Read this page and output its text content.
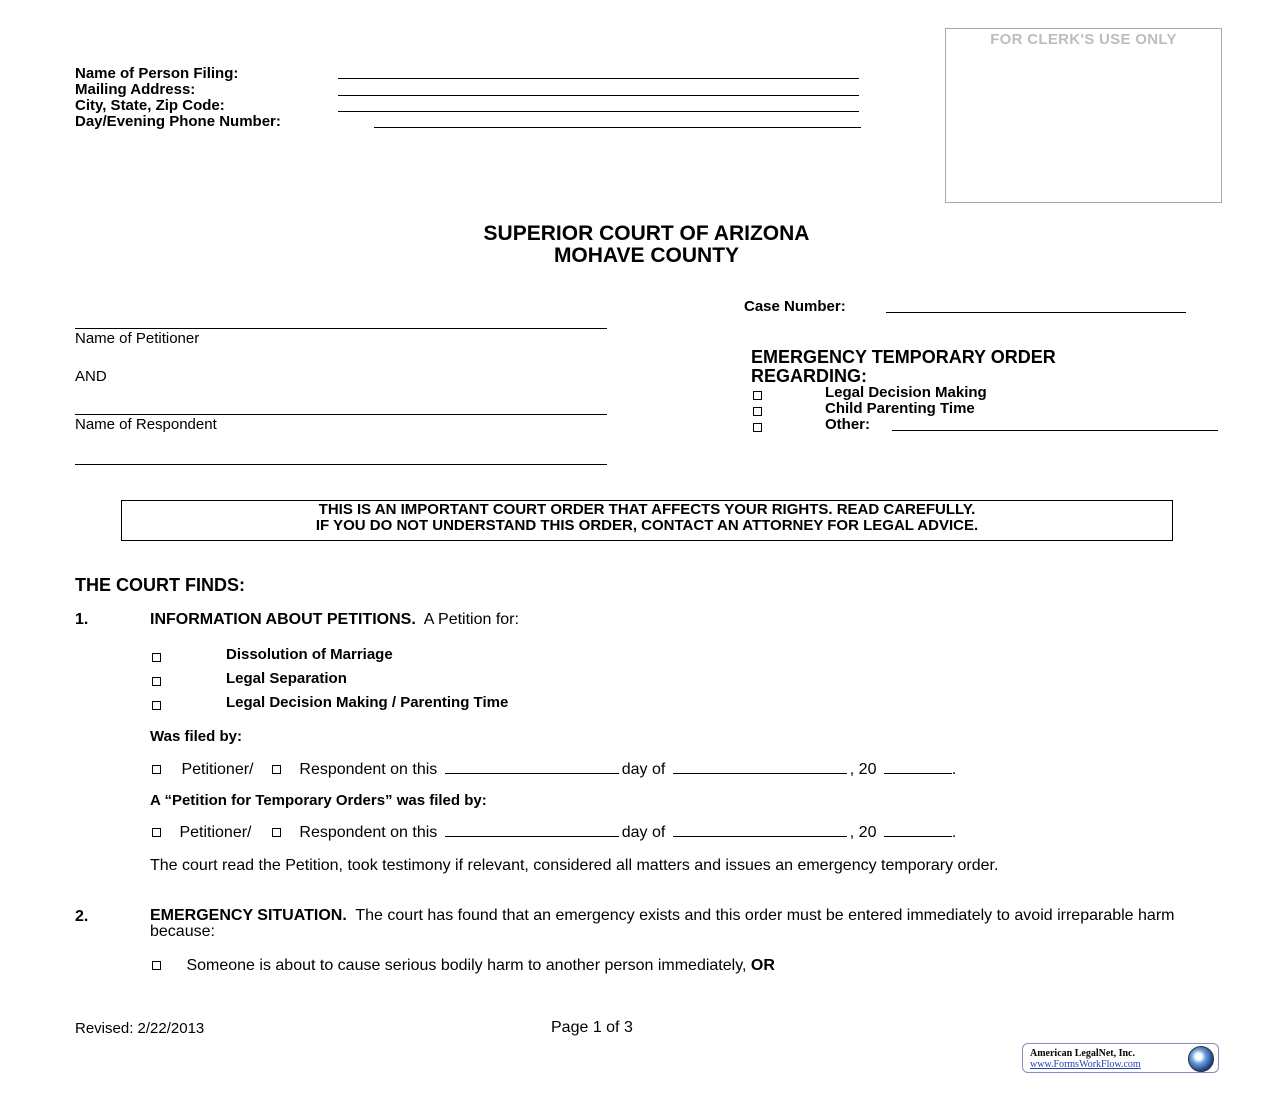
FOR CLERK'S USE ONLY
Name of Person Filing:
Mailing Address:
City, State, Zip Code:
Day/Evening Phone Number:
SUPERIOR COURT OF ARIZONA
MOHAVE COUNTY
Case Number:
Name of Petitioner
AND
Name of Respondent
EMERGENCY TEMPORARY ORDER
REGARDING:
Legal Decision Making
Child Parenting Time
Other:
THIS IS AN IMPORTANT COURT ORDER THAT AFFECTS YOUR RIGHTS. READ CAREFULLY.
IF YOU DO NOT UNDERSTAND THIS ORDER, CONTACT AN ATTORNEY FOR LEGAL ADVICE.
THE COURT FINDS:
1.	INFORMATION ABOUT PETITIONS. A Petition for:
Dissolution of Marriage
Legal Separation
Legal Decision Making / Parenting Time
Was filed by:
Petitioner/	Respondent on this	day of	, 20	.
A “Petition for Temporary Orders” was filed by:
Petitioner/	Respondent on this	day of	, 20	.
The court read the Petition, took testimony if relevant, considered all matters and issues an emergency temporary order.
2.	EMERGENCY SITUATION. The court has found that an emergency exists and this order must be entered immediately to avoid irreparable harm because:
Someone is about to cause serious bodily harm to another person immediately, OR
Revised: 2/22/2013	Page 1 of 3
American LegalNet, Inc.
www.FormsWorkFlow.com
